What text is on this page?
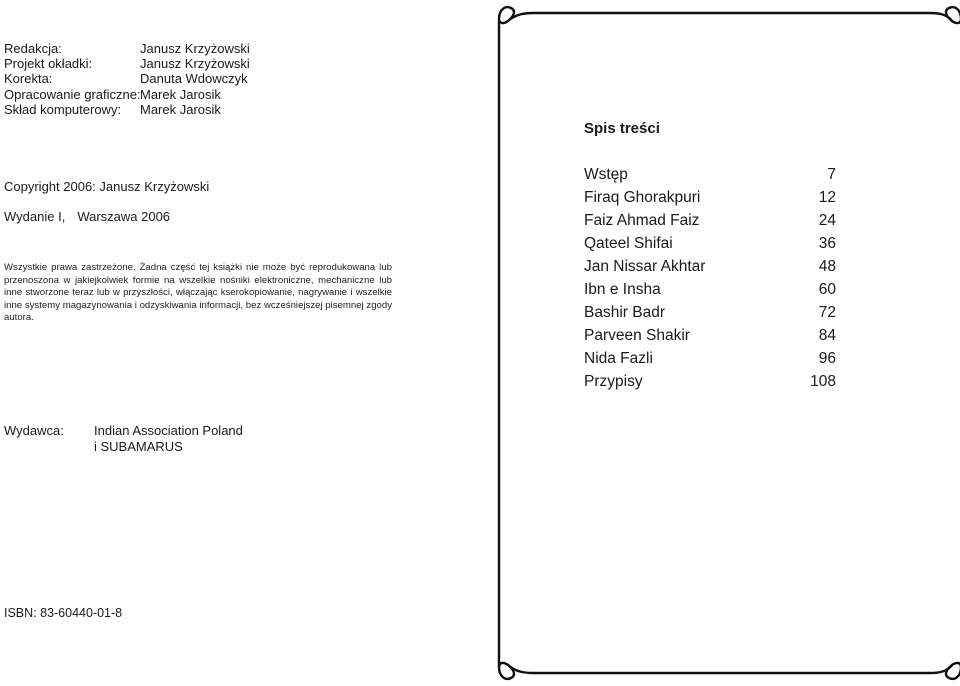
Redakcja:	Janusz Krzyżowski
Projekt okładki:	Janusz Krzyżowski
Korekta:	Danuta Wdowczyk
Opracowanie graficzne: Marek Jarosik
Skład komputerowy:	Marek Jarosik
Copyright 2006: Janusz Krzyżowski
Wydanie I, Warszawa 2006
Wszystkie prawa zastrzeżone. Żadna część tej książki nie może być reprodukowana lub przenoszona w jakiejkolwiek formie na wszelkie nośniki elektroniczne, mechaniczne lub inne stworzone teraz lub w przyszłości, włączając kserokopiowanie, nagrywanie i wszelkie inne systemy magazynowania i odzyskiwania informacji, bez wcześniejszej pisemnej zgody autora.
Wydawca:	Indian Association Poland
i SUBAMARUS
ISBN: 83-60440-01-8
Spis treści
Wstęp	7
Firaq Ghorakpuri	12
Faiz Ahmad Faiz	24
Qateel Shifai	36
Jan Nissar Akhtar	48
Ibn e Insha	60
Bashir Badr	72
Parveen Shakir	84
Nida Fazli	96
Przypisy	108
